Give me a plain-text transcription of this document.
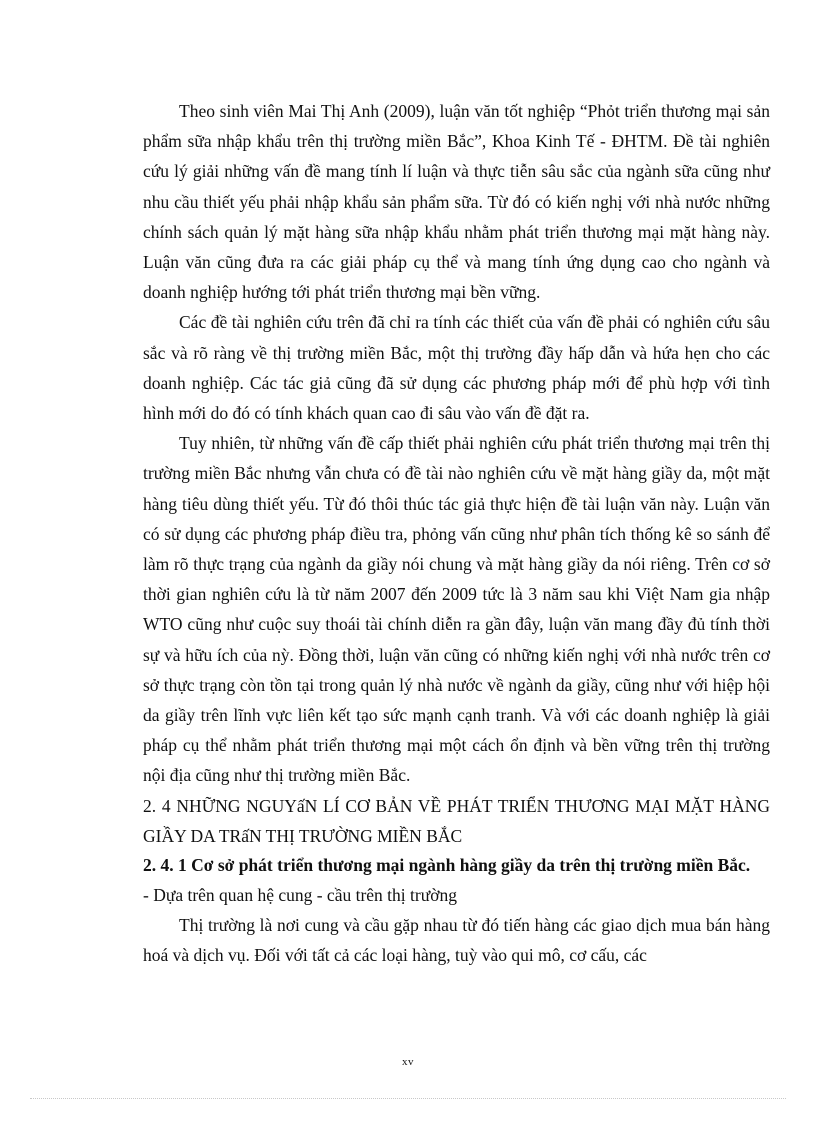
Theo sinh viên Mai Thị Anh (2009), luận văn tốt nghiệp “Phỏt triển thương mại sản phẩm sữa nhập khẩu trên thị trường miền Bắc”, Khoa Kinh Tế - ĐHTM. Đề tài nghiên cứu lý giải những vấn đề mang tính lí luận và thực tiễn sâu sắc của ngành sữa cũng như nhu cầu thiết yếu phải nhập khẩu sản phẩm sữa. Từ đó có kiến nghị với nhà nước những chính sách quản lý mặt hàng sữa nhập khẩu nhằm phát triển thương mại mặt hàng này. Luận văn cũng đưa ra các giải pháp cụ thể và mang tính ứng dụng cao cho ngành và doanh nghiệp hướng tới phát triển thương mại bền vững.

Các đề tài nghiên cứu trên đã chỉ ra tính các thiết của vấn đề phải có nghiên cứu sâu sắc và rõ ràng về thị trường miền Bắc, một thị trường đầy hấp dẫn và hứa hẹn cho các doanh nghiệp. Các tác giả cũng đã sử dụng các phương pháp mới để phù hợp với tình hình mới do đó có tính khách quan cao đi sâu vào vấn đề đặt ra.

Tuy nhiên, từ những vấn đề cấp thiết phải nghiên cứu phát triển thương mại trên thị trường miền Bắc nhưng vẫn chưa có đề tài nào nghiên cứu về mặt hàng giầy da, một mặt hàng tiêu dùng thiết yếu. Từ đó thôi thúc tác giả thực hiện đề tài luận văn này. Luận văn có sử dụng các phương pháp điều tra, phỏng vấn cũng như phân tích thống kê so sánh để làm rõ thực trạng của ngành da giầy nói chung và mặt hàng giầy da nói riêng. Trên cơ sở thời gian nghiên cứu là từ năm 2007 đến 2009 tức là 3 năm sau khi Việt Nam gia nhập WTO cũng như cuộc suy thoái tài chính diễn ra gần đây, luận văn mang đầy đủ tính thời sự và hữu ích của nỳ. Đồng thời, luận văn cũng có những kiến nghị với nhà nước trên cơ sở thực trạng còn tồn tại trong quản lý nhà nước về ngành da giầy, cũng như với hiệp hội da giầy trên lĩnh vực liên kết tạo sức mạnh cạnh tranh. Và với các doanh nghiệp là giải pháp cụ thể nhằm phát triển thương mại một cách ổn định và bền vững trên thị trường nội địa cũng như thị trường miền Bắc.

2. 4 NHỮNG NGUYấN LÍ CƠ BẢN VỀ PHÁT TRIỂN THƯƠNG MẠI MẶT HÀNG GIẦY DA TRấN THỊ TRƯỜNG MIỀN BẮC

2. 4. 1 Cơ sở phát triển thương mại ngành hàng giầy da trên thị trường miền Bắc.

- Dựa trên quan hệ cung - cầu trên thị trường

Thị trường là nơi cung và cầu gặp nhau từ đó tiến hàng các giao dịch mua bán hàng hoá và dịch vụ. Đối với tất cả các loại hàng, tuỳ vào qui mô, cơ cấu, các

xv
